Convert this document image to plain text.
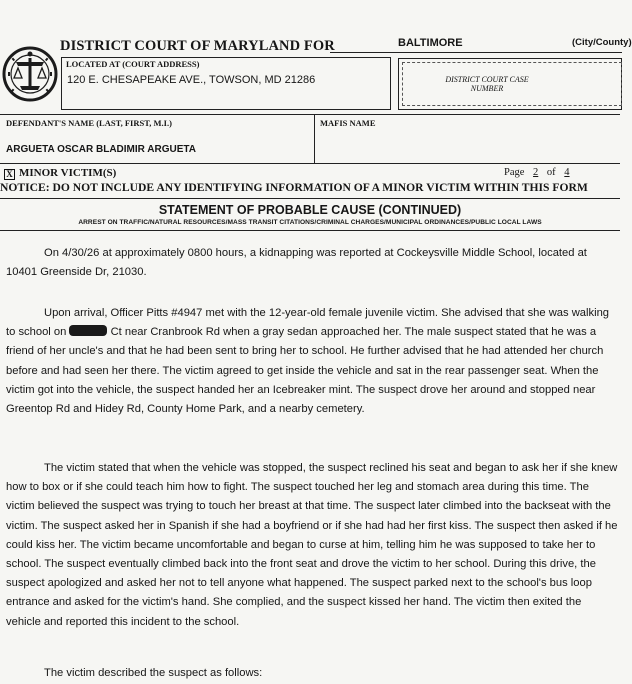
DISTRICT COURT OF MARYLAND FOR	BALTIMORE	(City/County)
LOCATED AT (COURT ADDRESS)
120 E. CHESAPEAKE AVE., TOWSON, MD 21286	DISTRICT COURT CASE NUMBER
DEFENDANT'S NAME (LAST, FIRST, M.I.)	MAFIS NAME
ARGUETA OSCAR BLADIMIR ARGUETA
X MINOR VICTIM(S)	Page 2 of 4
NOTICE: DO NOT INCLUDE ANY IDENTIFYING INFORMATION OF A MINOR VICTIM WITHIN THIS FORM
STATEMENT OF PROBABLE CAUSE (CONTINUED)
ARREST ON TRAFFIC/NATURAL RESOURCES/MASS TRANSIT CITATIONS/CRIMINAL CHARGES/MUNICIPAL ORDINANCES/PUBLIC LOCAL LAWS

On 4/30/26 at approximately 0800 hours, a kidnapping was reported at Cockeysville Middle School, located at 10401 Greenside Dr, 21030.

Upon arrival, Officer Pitts #4947 met with the 12-year-old female juvenile victim. She advised that she was walking to school on	Ct near Cranbrook Rd when a gray sedan approached her. The male suspect stated that he was a friend of her uncle's and that he had been sent to bring her to school. He further advised that he had attended her church before and had seen her there. The victim agreed to get inside the vehicle and sat in the rear passenger seat. When the victim got into the vehicle, the suspect handed her an Icebreaker mint. The suspect drove her around and stopped near Greentop Rd and Hidey Rd, County Home Park, and a nearby cemetery.

The victim stated that when the vehicle was stopped, the suspect reclined his seat and began to ask her if she knew how to box or if she could teach him how to fight. The suspect touched her leg and stomach area during this time. The victim believed the suspect was trying to touch her breast at that time. The suspect later climbed into the backseat with the victim. The suspect asked her in Spanish if she had a boyfriend or if she had had her first kiss. The suspect then asked if he could kiss her. The victim became uncomfortable and began to curse at him, telling him he was supposed to take her to school. The suspect eventually climbed back into the front seat and drove the victim to her school. During this drive, the suspect apologized and asked her not to tell anyone what happened. The suspect parked next to the school's bus loop entrance and asked for the victim's hand. She complied, and the suspect kissed her hand. The victim then exited the vehicle and reported this incident to the school.

The victim described the suspect as follows:
